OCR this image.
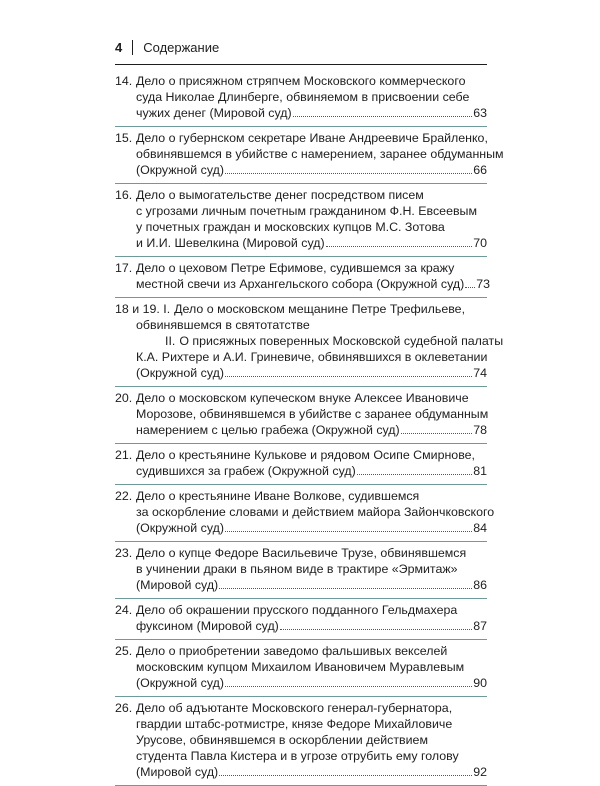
4 Содержание
14. Дело о присяжном стряпчем Московского коммерческого
суда Николае Длинберге, обвиняемом в присвоении себе
чужих денег (Мировой суд)	63
15. Дело о губернском секретаре Иване Андреевиче Брайленко,
обвинявшемся в убийстве с намерением, заранее обдуманным
(Окружной суд)	66
16. Дело о вымогательстве денег посредством писем
с угрозами личным почетным гражданином Ф.Н. Евсеевым
у почетных граждан и московских купцов М.С. Зотова
и И.И. Шевелкина (Мировой суд)	70
17. Дело о цеховом Петре Ефимове, судившемся за кражу
местной свечи из Архангельского собора (Окружной суд) 73
18 и 19. I. Дело о московском мещанине Петре Трефильеве,
обвинявшемся в святотатстве
II. О присяжных поверенных Московской судебной палаты
К.А. Рихтере и А.И. Гриневиче, обвинявшихся в оклеветании
(Окружной суд)	74
20. Дело о московском купеческом внуке Алексее Ивановиче
Морозове, обвинявшемся в убийстве с заранее обдуманным
намерением с целью грабежа (Окружной суд)	78
21. Дело о крестьянине Кулькове и рядовом Осипе Смирнове,
судившихся за грабеж (Окружной суд)	81
22. Дело о крестьянине Иване Волкове, судившемся
за оскорбление словами и действием майора Зайончковского
(Окружной суд)	84
23. Дело о купце Федоре Васильевиче Трузе, обвинявшемся
в учинении драки в пьяном виде в трактире «Эрмитаж»
(Мировой суд)	86
24. Дело об окрашении прусского подданного Гельдмахера
фуксином (Мировой суд)	87
25. Дело о приобретении заведомо фальшивых векселей
московским купцом Михаилом Ивановичем Муравлевым
(Окружной суд)	90
26. Дело об адъютанте Московского генерал-губернатора,
гвардии штабс-ротмистре, князе Федоре Михайловиче
Урусове, обвинявшемся в оскорблении действием
студента Павла Кистера и в угрозе отрубить ему голову
(Мировой суд)	92
